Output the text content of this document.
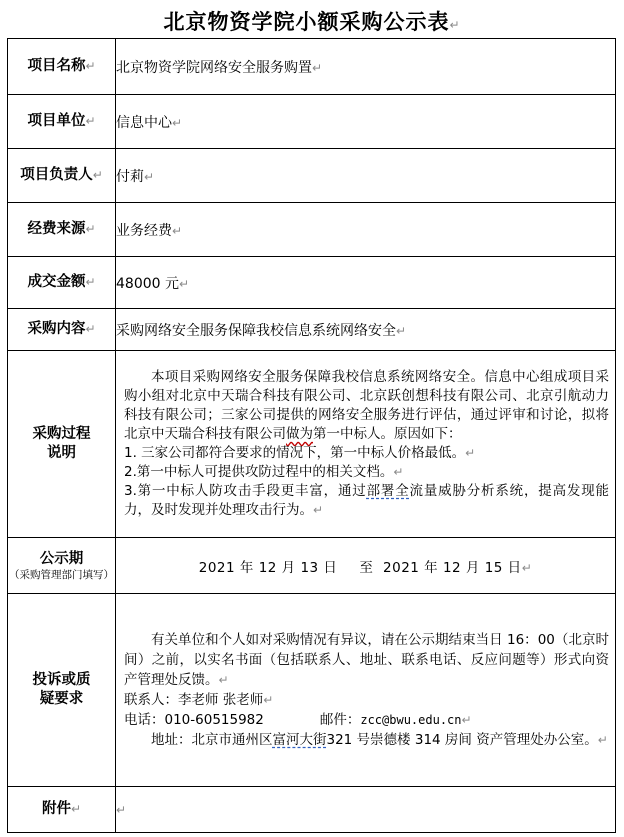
北京物资学院小额采购公示表↵
项目名称↵	北京物资学院网络安全服务购置↵
项目单位↵	信息中心↵
项目负责人↵	付莉↵
经费来源↵	业务经费↵
成交金额↵	48000 元↵
采购内容↵	采购网络安全服务保障我校信息系统网络安全↵

采购过程说明	本项目采购网络安全服务保障我校信息系统网络安全。信息中心组成项目采购小组对北京中天瑞合科技有限公司、北京跃创想科技有限公司、北京引航动力科技有限公司；三家公司提供的网络安全服务进行评估，通过评审和讨论，拟将北京中天瑞合科技有限公司做为第一中标人。原因如下：
1. 三家公司都符合要求的情况下，第一中标人价格最低。↵
2.第一中标人可提供攻防过程中的相关文档。↵
3.第一中标人防攻击手段更丰富，通过部署全流量威胁分析系统，提高发现能力，及时发现并处理攻击行为。↵

公示期
（采购管理部门填写）	2021 年 12 月 13 日 至 2021 年 12 月 15 日↵

投诉或质疑要求	有关单位和个人如对采购情况有异议，请在公示期结束当日 16：00（北京时间）之前，以实名书面（包括联系人、地址、联系电话、反应问题等）形式向资产管理处反馈。↵
联系人：李老师 张老师↵
电话：010-60515982 邮件：zcc@bwu.edu.cn↵
地址：北京市通州区富河大街321 号崇德楼 314 房间 资产管理处办公室。↵

附件↵	↵
